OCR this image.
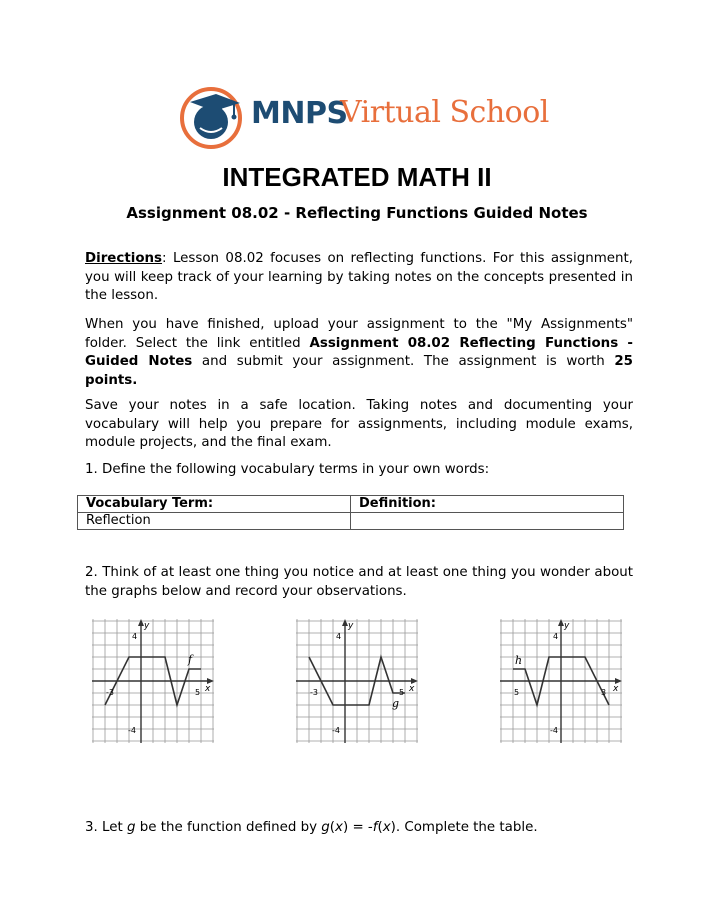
MNPS
Virtual School
INTEGRATED MATH II
Assignment 08.02 - Reﬂecting Functions Guided Notes
Directions: Lesson 08.02 focuses on reflecting functions. For this assignment, you will keep track of your learning by taking notes on the concepts presented in the lesson.
When you have finished, upload your assignment to the "My Assignments" folder. Select the link entitled Assignment 08.02 Reﬂecting Functions - Guided Notes and submit your assignment. The assignment is worth 25 points.
Save your notes in a safe location. Taking notes and documenting your vocabulary will help you prepare for assignments, including module exams, module projects, and the final exam.
1. Define the following vocabulary terms in your own words:
Vocabulary Term:	Deﬁnition:
Reflection	
2. Think of at least one thing you notice and at least one thing you wonder about the graphs below and record your observations.
y
x
4
-4
-3	5
f
y
x
4
-4
-3	5
g
y
x
4
-4
5	3
h
3. Let g be the function defined by g(x) = -f(x). Complete the table.
